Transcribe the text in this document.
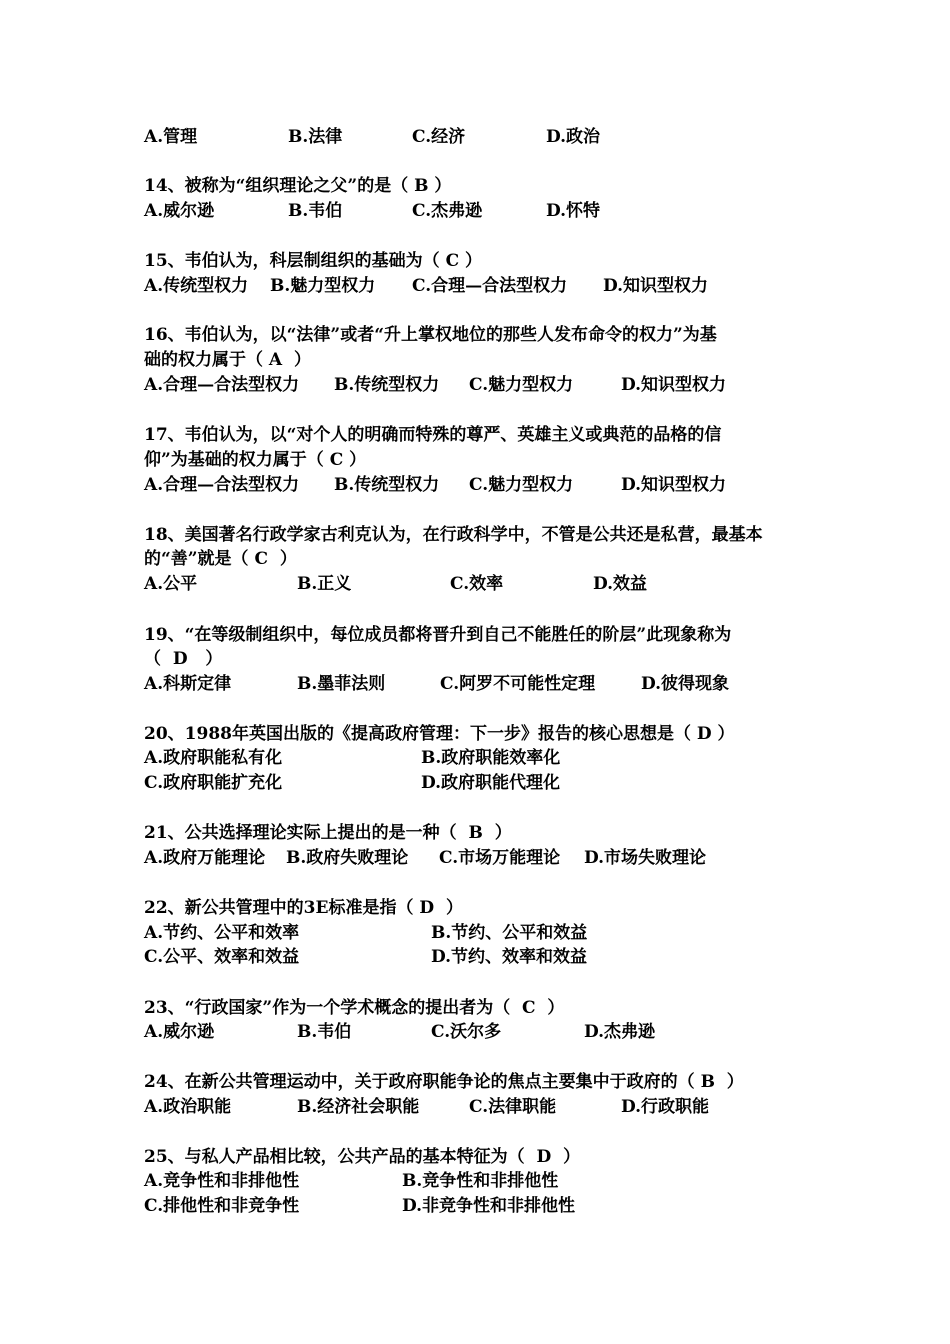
A.管理

	B.法律

	C.经济

	D.政治

14、被称为“组织理论之父”的是（ B ）

A.威尔逊

	B.韦伯

	C.杰弗逊

	D.怀特

15、韦伯认为，科层制组织的基础为（ C ）

A.传统型权力

B.魅力型权力

C.合理—合法型权力

D.知识型权力

16、韦伯认为，以“法律”或者“升上掌权地位的那些人发布命令的权力”为基
础的权力属于（ A  ）

A.合理—合法型权力

B.传统型权力

C.魅力型权力

	D.知识型权力

17、韦伯认为，以“对个人的明确而特殊的尊严、英雄主义或典范的品格的信
仰”为基础的权力属于（ C ）

A.合理—合法型权力

B.传统型权力

C.魅力型权力

	D.知识型权力

18、美国著名行政学家古利克认为，在行政科学中，不管是公共还是私营，最基本
的“善”就是（ C  ）

A.公平

	B.正义

	C.效率

	D.效益

19、“在等级制组织中，每位成员都将晋升到自己不能胜任的阶层”此现象称为
（  D   ）

A.科斯定律

	B.墨菲法则

	C.阿罗不可能性定理

	D.彼得现象

20、1988年英国出版的《提高政府管理：下一步》报告的核心思想是（ D ）

A.政府职能私有化

	B.政府职能效率化

C.政府职能扩充化

	D.政府职能代理化

21、公共选择理论实际上提出的是一种（  B  ）

A.政府万能理论

B.政府失败理论

C.市场万能理论

D.市场失败理论

22、新公共管理中的3E标准是指（ D  ）

A.节约、公平和效率

	B.节约、公平和效益

C.公平、效率和效益

	D.节约、效率和效益

23、“行政国家”作为一个学术概念的提出者为（  C  ）

A.威尔逊

	B.韦伯

	C.沃尔多

	D.杰弗逊

24、在新公共管理运动中，关于政府职能争论的焦点主要集中于政府的（ B  ）

A.政治职能

	B.经济社会职能

	C.法律职能

	D.行政职能

25、与私人产品相比较，公共产品的基本特征为（  D  ）

A.竞争性和非排他性

	B.竞争性和非排他性

C.排他性和非竞争性

	D.非竞争性和非排他性
